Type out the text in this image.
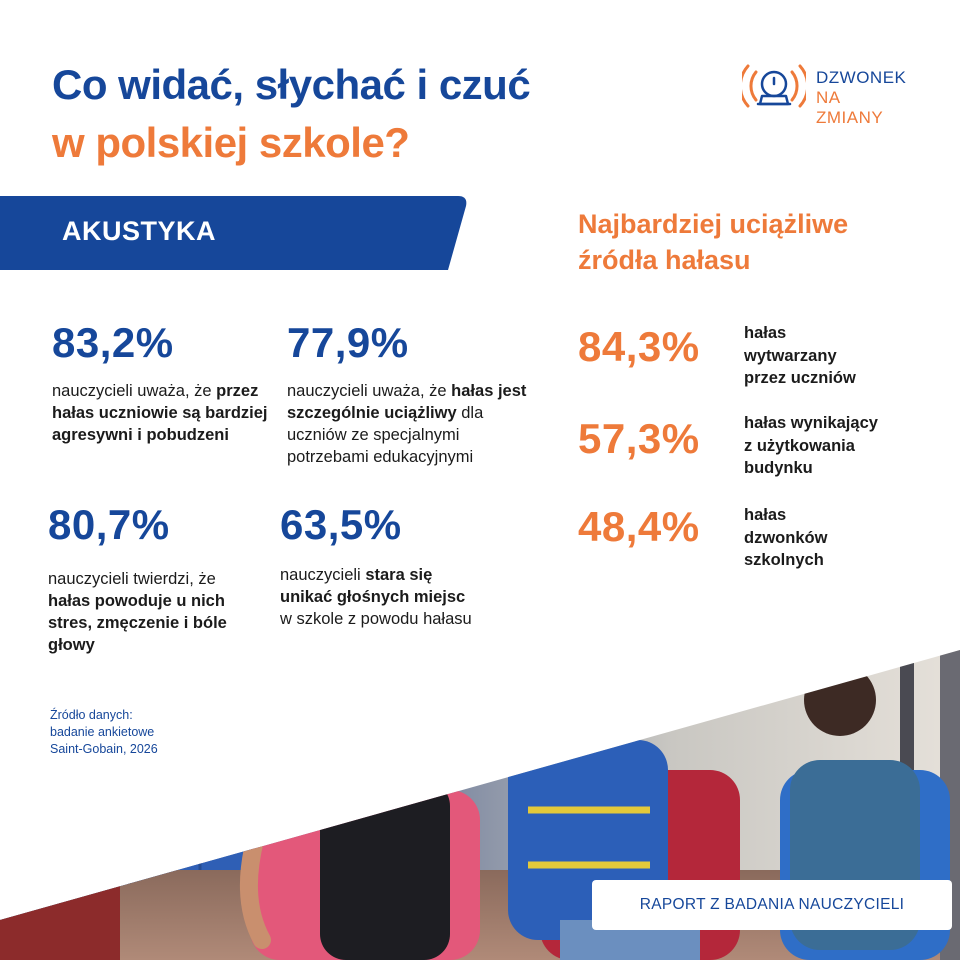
Co widać, słychać i czuć
w polskiej szkole?
DZWONEK
NA ZMIANY
AKUSTYKA
83,2%
nauczycieli uważa, że przez hałas uczniowie są bardziej agresywni i pobudzeni
77,9%
nauczycieli uważa, że hałas jest szczególnie uciążliwy dla uczniów ze specjalnymi potrzebami edukacyjnymi
80,7%
nauczycieli twierdzi, że hałas powoduje u nich stres, zmęczenie i bóle głowy
63,5%
nauczycieli stara się unikać głośnych miejsc w szkole z powodu hałasu
Źródło danych:
badanie ankietowe
Saint-Gobain, 2026
Najbardziej uciążliwe
źródła hałasu
84,3%	hałas
wytwarzany
przez uczniów
57,3%	hałas wynikający
z użytkowania
budynku
48,4%	hałas
dzwonków
szkolnych
RAPORT Z BADANIA NAUCZYCIELI
